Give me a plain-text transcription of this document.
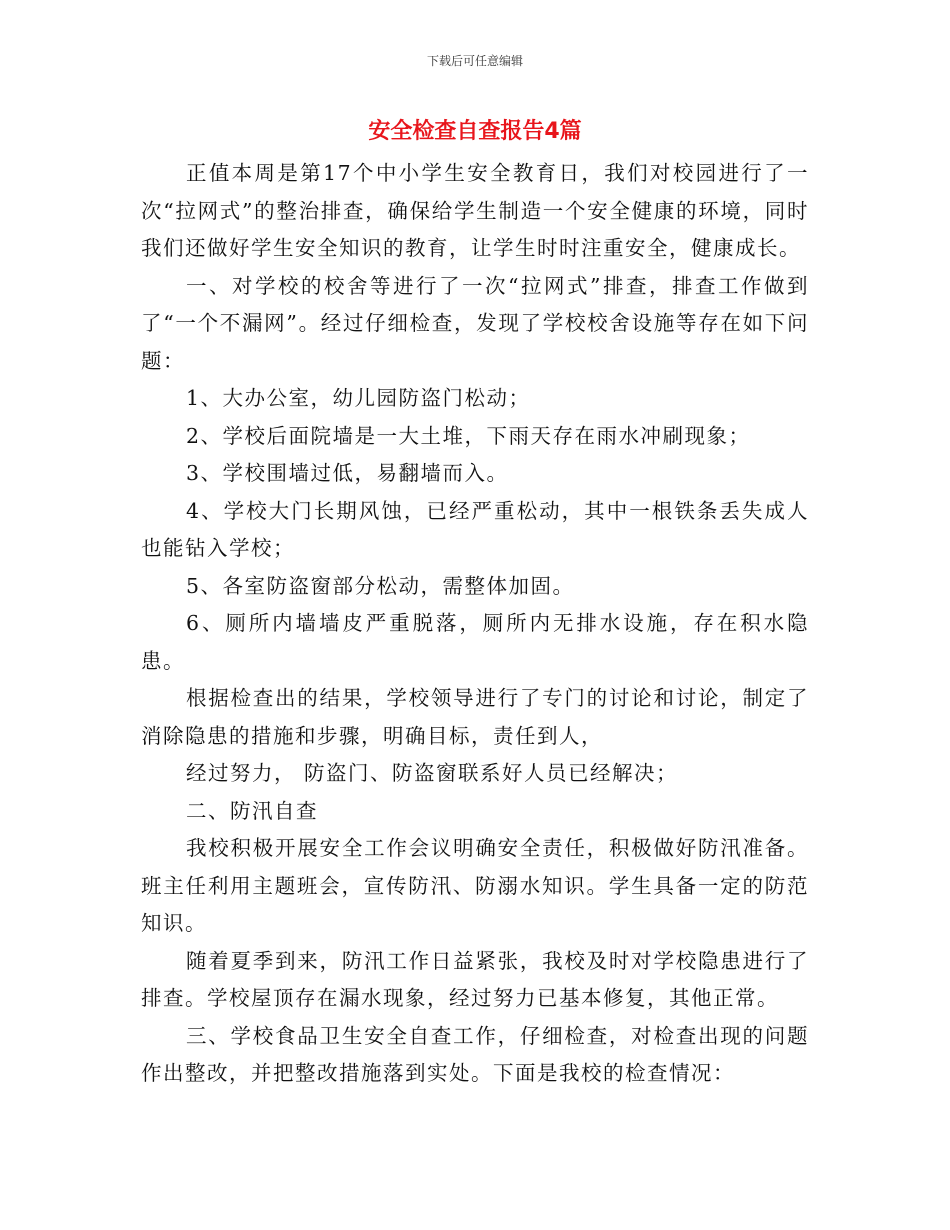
下载后可任意编辑
安全检查自查报告4篇

正值本周是第17个中小学生安全教育日，我们对校园进行了一次“拉网式”的整治排查，确保给学生制造一个安全健康的环境，同时我们还做好学生安全知识的教育，让学生时时注重安全，健康成长。

一、对学校的校舍等进行了一次“拉网式”排查，排查工作做到了“一个不漏网”。经过仔细检查，发现了学校校舍设施等存在如下问题：

1、大办公室，幼儿园防盗门松动；

2、学校后面院墙是一大土堆，下雨天存在雨水冲刷现象；

3、学校围墙过低，易翻墙而入。

4、学校大门长期风蚀，已经严重松动，其中一根铁条丢失成人也能钻入学校；

5、各室防盗窗部分松动，需整体加固。

6、厕所内墙墙皮严重脱落，厕所内无排水设施，存在积水隐患。

根据检查出的结果，学校领导进行了专门的讨论和讨论，制定了消除隐患的措施和步骤，明确目标，责任到人，

经过努力， 防盗门、防盗窗联系好人员已经解决；

二、防汛自查

我校积极开展安全工作会议明确安全责任，积极做好防汛准备。班主任利用主题班会，宣传防汛、防溺水知识。学生具备一定的防范知识。

随着夏季到来，防汛工作日益紧张，我校及时对学校隐患进行了排查。学校屋顶存在漏水现象，经过努力已基本修复，其他正常。

三、学校食品卫生安全自查工作，仔细检查，对检查出现的问题作出整改，并把整改措施落到实处。下面是我校的检查情况：
